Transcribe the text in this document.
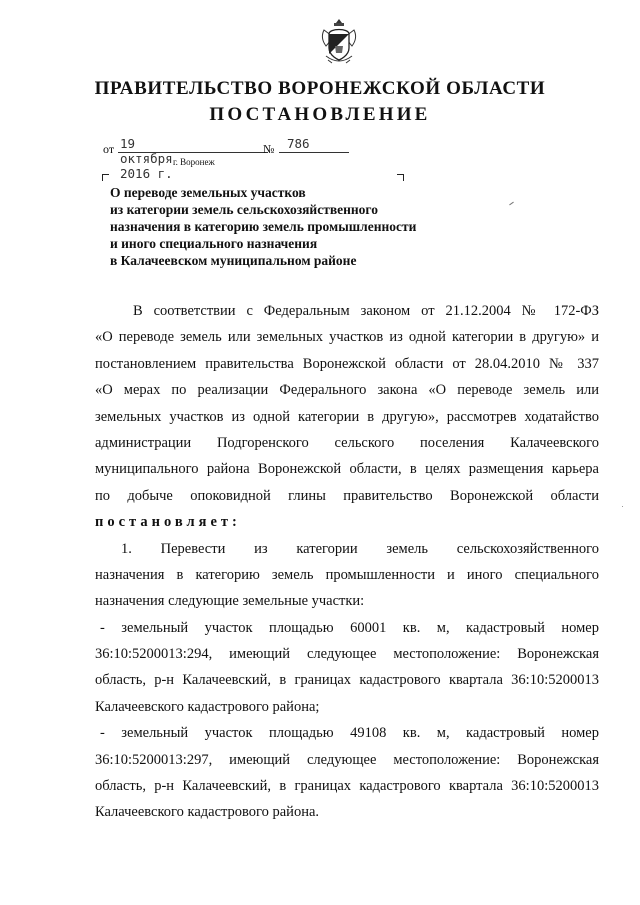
ПРАВИТЕЛЬСТВО ВОРОНЕЖСКОЙ ОБЛАСТИ
ПОСТАНОВЛЕНИЕ
от 19 октября 2016 г.
№ 786
г. Воронеж
О переводе земельных участков
из категории земель сельскохозяйственного
назначения в категорию земель промышленности
и иного специального назначения
в Калачеевском муниципальном районе
В соответствии с Федеральным законом от 21.12.2004 № 172-ФЗ
«О переводе земель или земельных участков из одной категории в другую» и
постановлением правительства Воронежской области от 28.04.2010 № 337
«О мерах по реализации Федерального закона «О переводе земель или
земельных участков из одной категории в другую», рассмотрев ходатайство
администрации Подгоренского сельского поселения Калачеевского
муниципального района Воронежской области, в целях размещения карьера
по добыче опоковидной глины правительство Воронежской области
постановляет:
1. Перевести из категории земель сельскохозяйственного
назначения в категорию земель промышленности и иного специального
назначения следующие земельные участки:
- земельный участок площадью 60001 кв. м, кадастровый номер
36:10:5200013:294, имеющий следующее местоположение: Воронежская
область, р-н Калачеевский, в границах кадастрового квартала 36:10:5200013
Калачеевского кадастрового района;
- земельный участок площадью 49108 кв. м, кадастровый номер
36:10:5200013:297, имеющий следующее местоположение: Воронежская
область, р-н Калачеевский, в границах кадастрового квартала 36:10:5200013
Калачеевского кадастрового района.
